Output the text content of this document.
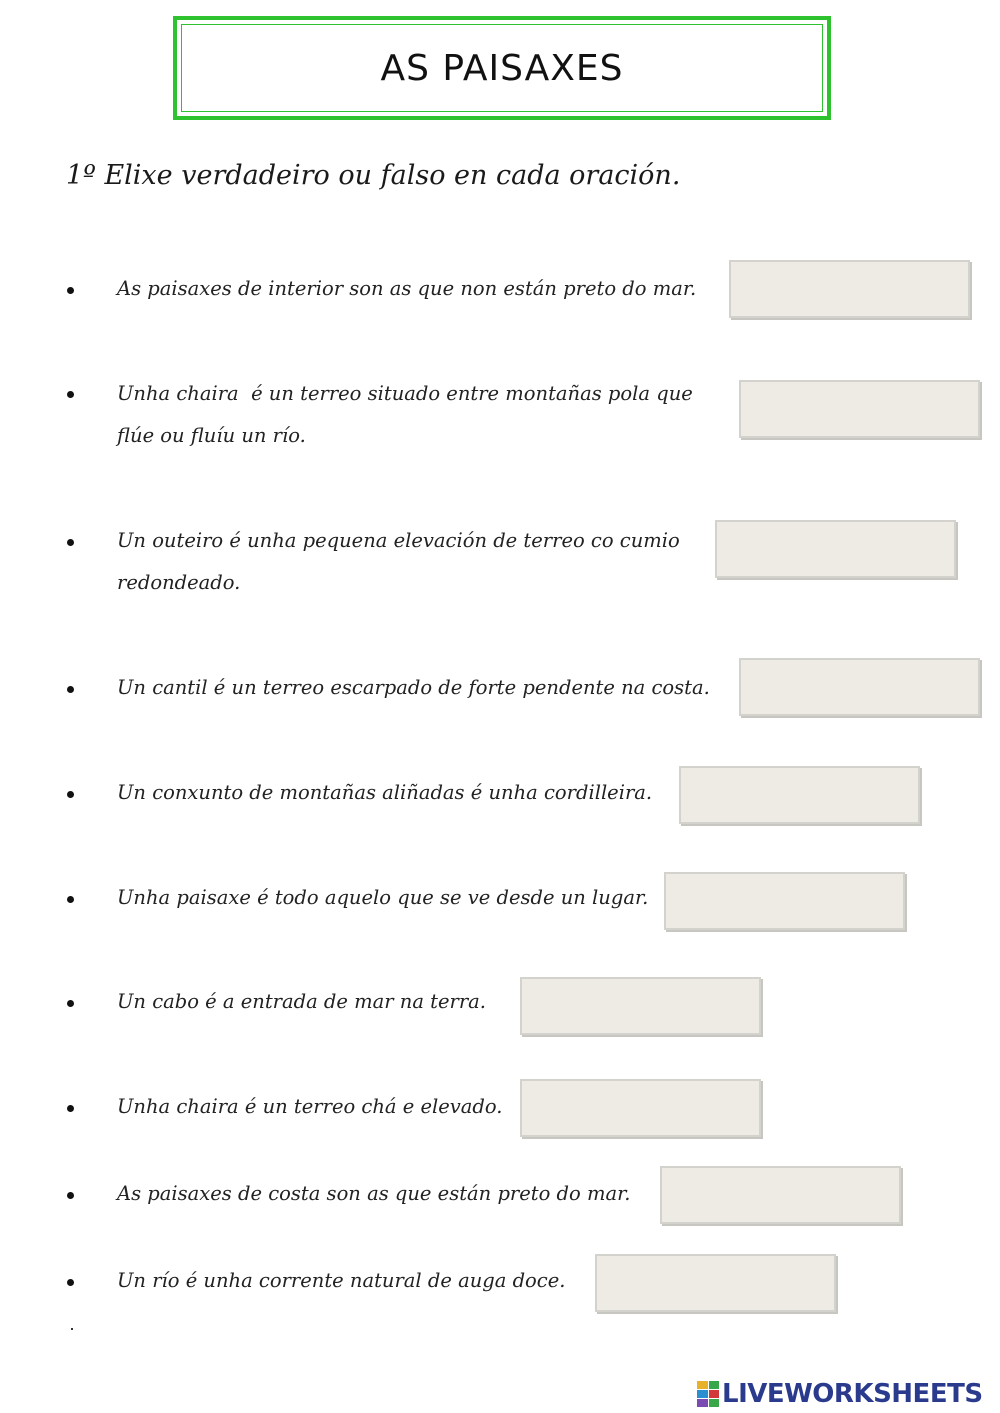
AS PAISAXES
1º Elixe verdadeiro ou falso en cada oración.
As paisaxes de interior son as que non están preto do mar.
Unha chaira  é un terreo situado entre montañas pola que
flúe ou fluíu un río.
Un outeiro é unha pequena elevación de terreo co cumio
redondeado.
Un cantil é un terreo escarpado de forte pendente na costa.
Un conxunto de montañas aliñadas é unha cordilleira.
Unha paisaxe é todo aquelo que se ve desde un lugar.
Un cabo é a entrada de mar na terra.
Unha chaira é un terreo chá e elevado.
As paisaxes de costa son as que están preto do mar.
Un río é unha corrente natural de auga doce.
LIVEWORKSHEETS
